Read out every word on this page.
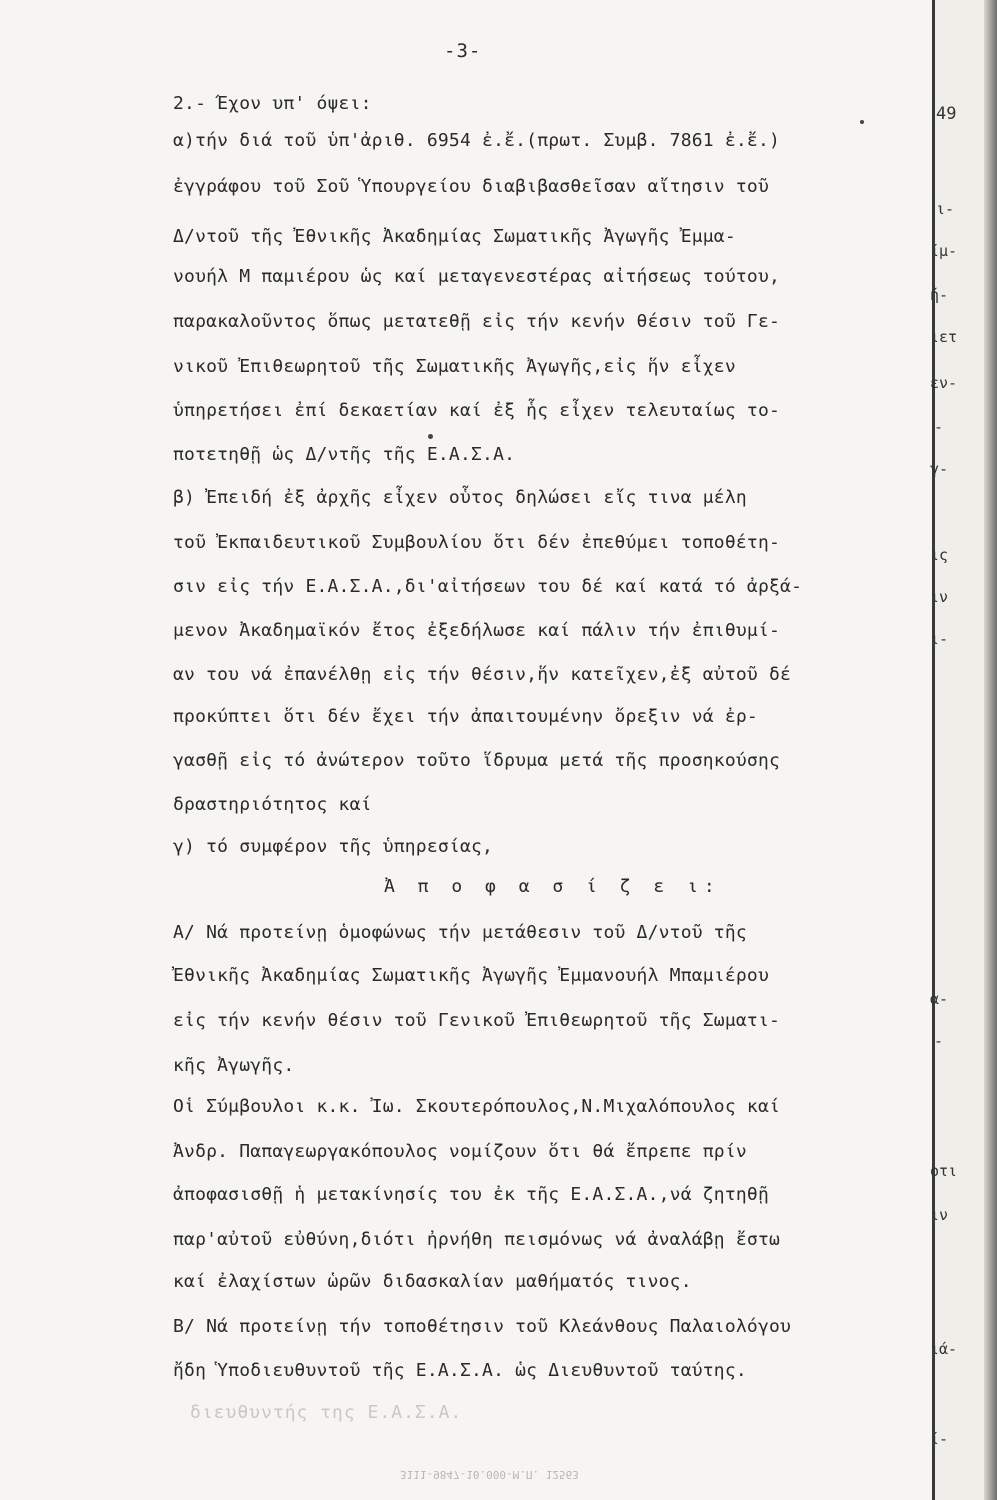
-3-
2.- Έχον υπ' όψει:
α)τήν διά τοῦ ὑπ'ἀριθ. 6954 ἐ.ἔ.(πρωτ. Συμβ. 7861 ἐ.ἔ.)
ἐγγράφου τοῦ Σοῦ Ὑπουργείου διαβιβασθεῖσαν αἴτησιν τοῦ
Δ/ντοῦ τῆς Ἐθνικῆς Ἀκαδημίας Σωματικῆς Ἀγωγῆς Ἐμμα-
νουήλ Μ παμιέρου ὡς καί μεταγενεστέρας αἰτήσεως τούτου,
παρακαλοῦντος ὅπως μετατεθῇ εἰς τήν κενήν θέσιν τοῦ Γε-
νικοῦ Ἐπιθεωρητοῦ τῆς Σωματικῆς Ἀγωγῆς,εἰς ἥν εἶχεν
ὑπηρετήσει ἐπί δεκαετίαν καί ἐξ ἧς εἶχεν τελευταίως το-
ποτετηθῇ ὡς Δ/ντῆς τῆς Ε.Α.Σ.Α.
β) Ἐπειδή ἐξ ἀρχῆς εἶχεν οὗτος δηλώσει εἴς τινα μέλη
τοῦ Ἐκπαιδευτικοῦ Συμβουλίου ὅτι δέν ἐπεθύμει τοποθέτη-
σιν εἰς τήν Ε.Α.Σ.Α.,δι'αἰτήσεων του δέ καί κατά τό ἀρξά-
μενον Ἀκαδημαϊκόν ἔτος ἐξεδήλωσε καί πάλιν τήν ἐπιθυμί-
αν του νά ἐπανέλθῃ εἰς τήν θέσιν,ἥν κατεῖχεν,ἐξ αὐτοῦ δέ
προκύπτει ὅτι δέν ἔχει τήν ἀπαιτουμένην ὄρεξιν νά ἐρ-
γασθῇ εἰς τό ἀνώτερον τοῦτο ἵδρυμα μετά τῆς προσηκούσης
δραστηριότητος καί
γ) τό συμφέρον τῆς ὑπηρεσίας,
Ἀ π ο φ α σ ί ζ ε ι:
Α/ Νά προτείνῃ ὁμοφώνως τήν μετάθεσιν τοῦ Δ/ντοῦ τῆς
Ἐθνικῆς Ἀκαδημίας Σωματικῆς Ἀγωγῆς Ἐμμανουήλ Μπαμιέρου
εἰς τήν κενήν θέσιν τοῦ Γενικοῦ Ἐπιθεωρητοῦ τῆς Σωματι-
κῆς Ἀγωγῆς.
Οἱ Σύμβουλοι κ.κ. Ἰω. Σκουτερόπουλος,Ν.Μιχαλόπουλος καί
Ἀνδρ. Παπαγεωργακόπουλος νομίζουν ὅτι θά ἔπρεπε πρίν
ἀποφασισθῇ ἡ μετακίνησίς του ἐκ τῆς Ε.Α.Σ.Α.,νά ζητηθῇ
παρ'αὐτοῦ εὐθύνη,διότι ἠρνήθη πεισμόνως νά ἀναλάβῃ ἔστω
καί ἐλαχίστων ὡρῶν διδασκαλίαν μαθήματός τινος.
Β/ Νά προτείνῃ τήν τοποθέτησιν τοῦ Κλεάνθους Παλαιολόγου
ἤδη Ὑποδιευθυντοῦ τῆς Ε.Α.Σ.Α. ὡς Διευθυντοῦ ταύτης.
διευθυντής της Ε.Α.Σ.Α.
3111-9847-10.000-Μ.Π. 12563
49
ι-
ίμ-
ή-
ιετ
εν-
-
γ-
ις
ιν
ι-
α-
-
οτι
ιν
ιά-
ί-
